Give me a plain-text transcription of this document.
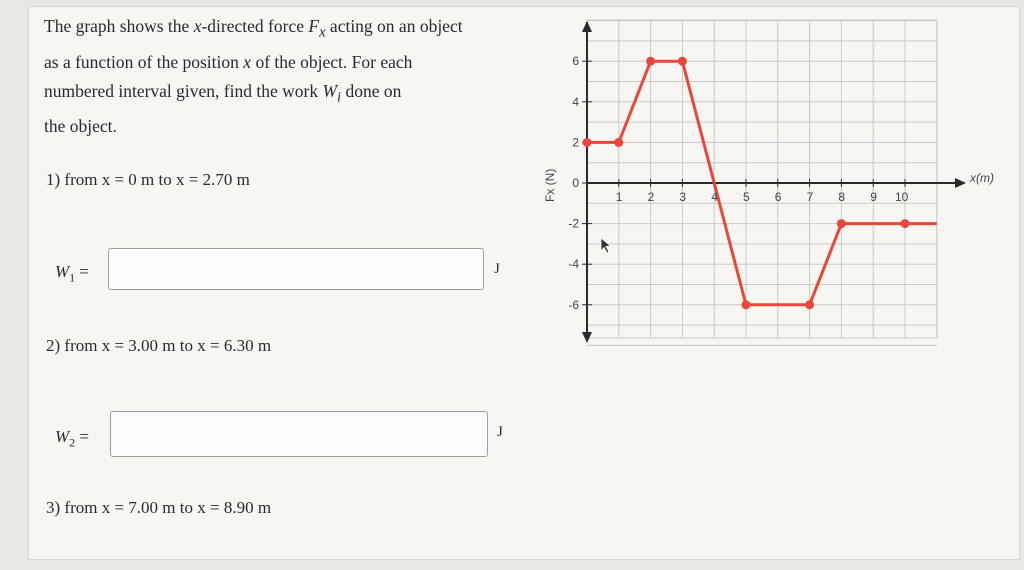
The graph shows the x-directed force $F_x$ acting on an object
as a function of the position x of the object. For each
numbered interval given, find the work $W_i$ done on
the object.

1) from x = 0 m to x = 2.70 m

$W_1$ =	J

2) from x = 3.00 m to x = 6.30 m

$W_2$ =	J

3) from x = 7.00 m to x = 8.90 m

1 2 3 4 5 6 7 8 9 10
-6
-4
-2
0
2
4
6
x(m)
Fx (N)
